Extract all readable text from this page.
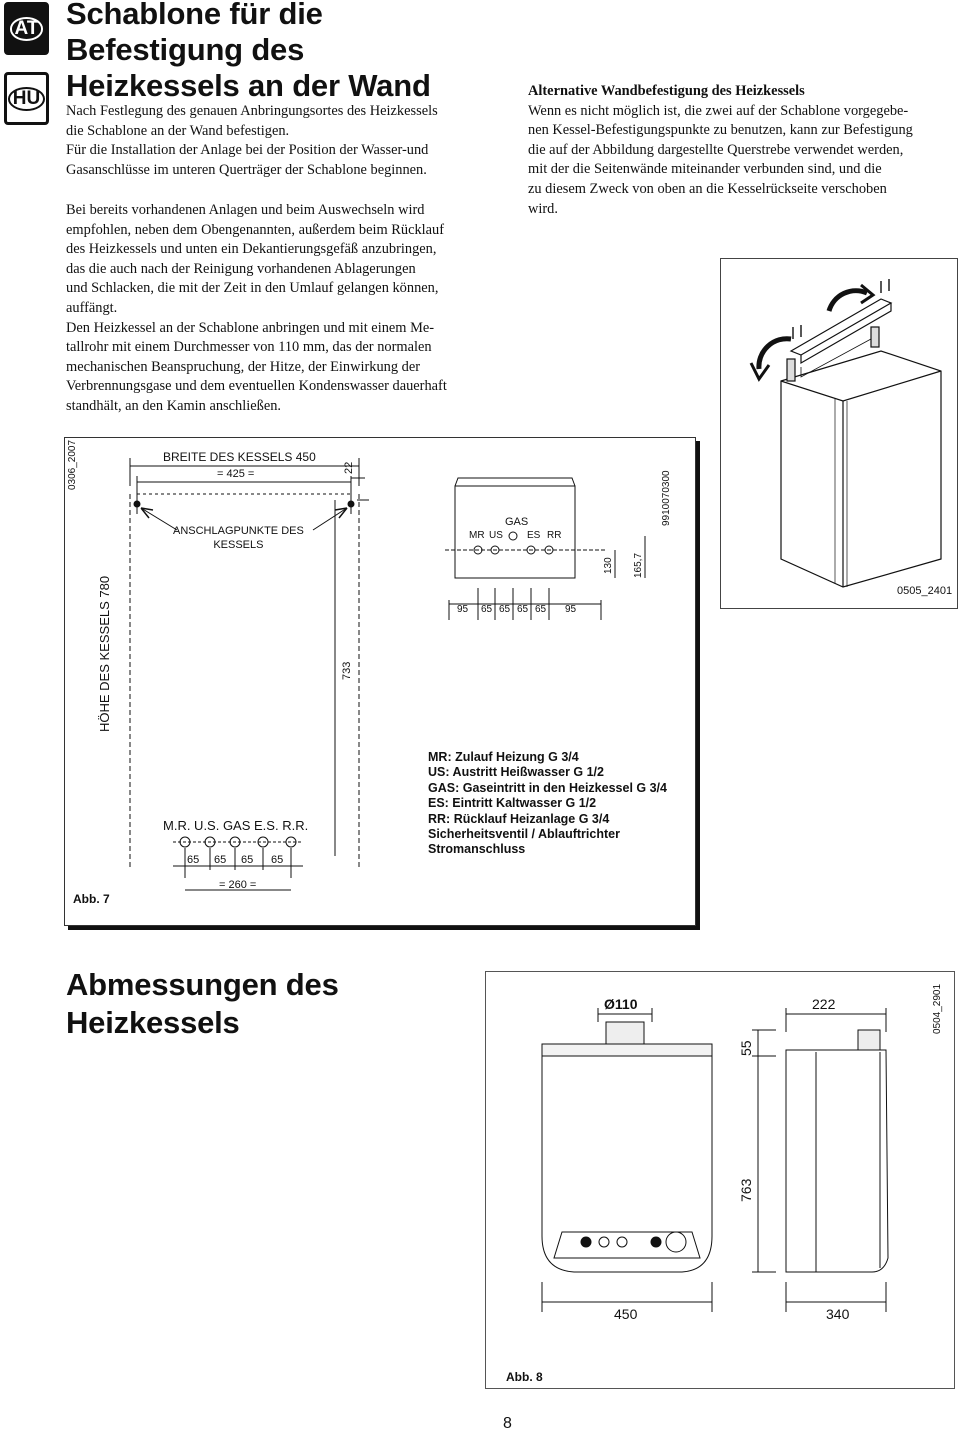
AT
HU
Schablone für die
Befestigung des
Heizkessels an der Wand

Nach Festlegung des genauen Anbringungsortes des Heizkessels

die Schablone an der Wand befestigen.

Für die Installation der Anlage bei der Position der Wasser-und

Gasanschlüsse im unteren Querträger der Schablone beginnen.

Bei bereits vorhandenen Anlagen und beim Auswechseln wird

empfohlen, neben dem Obengenannten, außerdem beim Rücklauf

des Heizkessels und unten ein Dekantierungsgefäß anzubringen,

das die auch nach der Reinigung vorhandenen Ablagerungen

und Schlacken, die mit der Zeit in den Umlauf gelangen können,

auffängt.

Den Heizkessel an der Schablone anbringen und mit einem Me-

tallrohr mit einem Durchmesser von 110 mm, das der normalen

mechanischen Beanspruchung, der Hitze, der Einwirkung der

Verbrennungsgase und dem eventuellen Kondenswasser dauerhaft

standhält, an den Kamin anschließen.

Alternative Wandbefestigung des Heizkessels

Wenn es nicht möglich ist, die zwei auf der Schablone vorgegebe-

nen Kessel-Befestigungspunkte zu benutzen, kann zur Befestigung

die auf der Abbildung dargestellte Querstrebe verwendet werden,

mit der die Seitenwände miteinander verbunden sind, und die

zu diesem Zweck von oben an die Kesselrückseite verschoben

wird.

0505_2401
0306_2007
9910070300
BREITE DES KESSELS 450
= 425 =	22
ANSCHLAGPUNKTE DES
KESSELS
HÖHE DES KESSELS 780	733
M.R. U.S. GAS E.S. R.R.
65 65 65 65
= 260 =
GAS
MR US ES RR
95 65 65 65 65 95
130 165,7
MR: Zulauf Heizung G 3/4
US: Austritt Heißwasser G 1/2
GAS: Gaseintritt in den Heizkessel G 3/4
ES: Eintritt Kaltwasser G 1/2
RR: Rücklauf Heizanlage G 3/4
Sicherheitsventil / Ablauftrichter
Stromanschluss
Abb. 7
Abmessungen des
Heizkessels
Ø110	222
55
763
450	340
0504_2901
Abb. 8
8
